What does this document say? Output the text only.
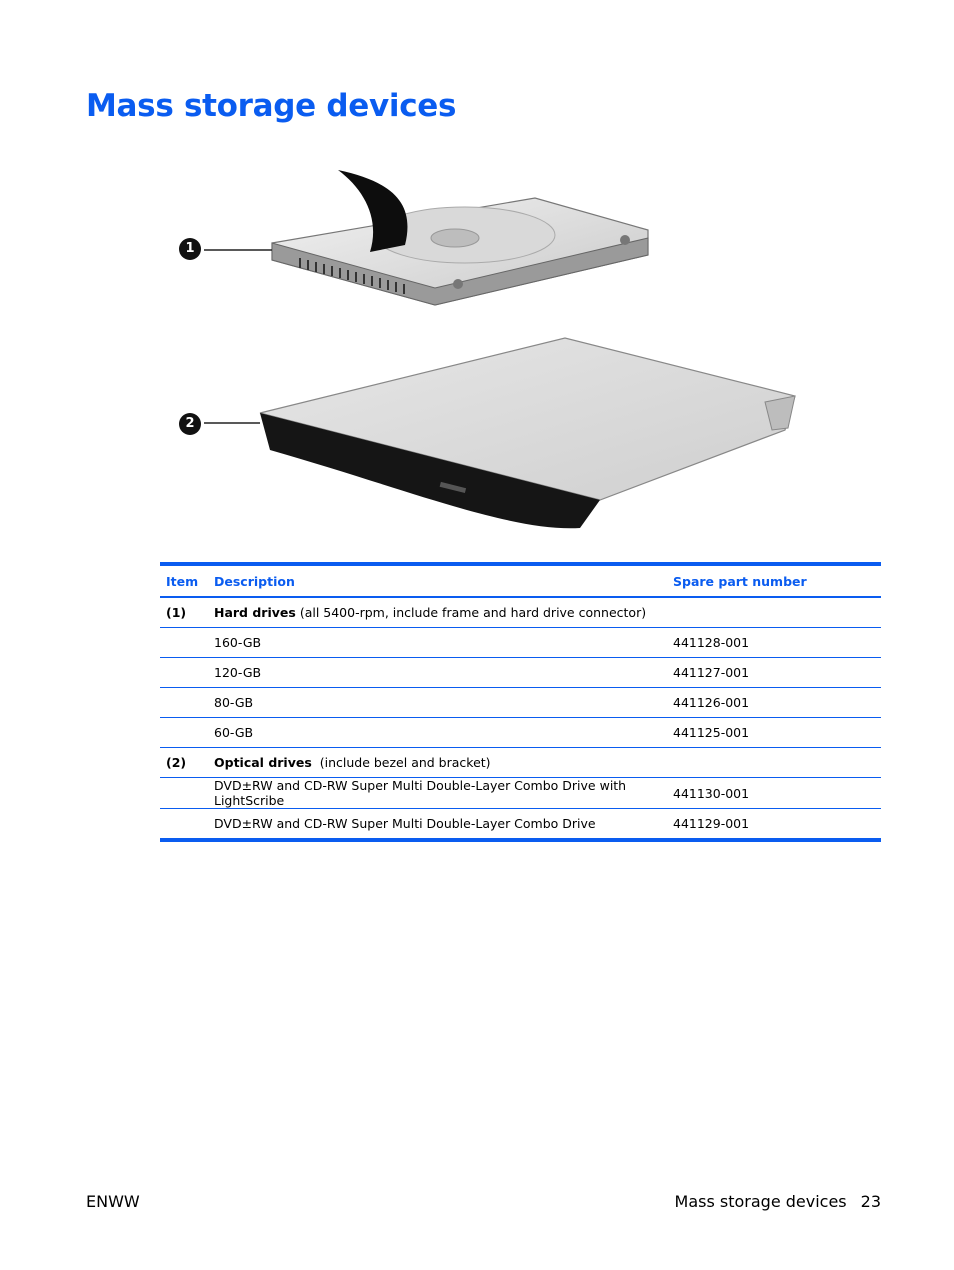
Mass storage devices
1
2
Item	Description	Spare part number
(1)	Hard drives (all 5400-rpm, include frame and hard drive connector)	
	160-GB	441128-001
	120-GB	441127-001
	80-GB	441126-001
	60-GB	441125-001
(2)	Optical drives (include bezel and bracket)	
	DVD±RW and CD-RW Super Multi Double-Layer Combo Drive with LightScribe	441130-001
	DVD±RW and CD-RW Super Multi Double-Layer Combo Drive	441129-001
ENWW	Mass storage devices 23
